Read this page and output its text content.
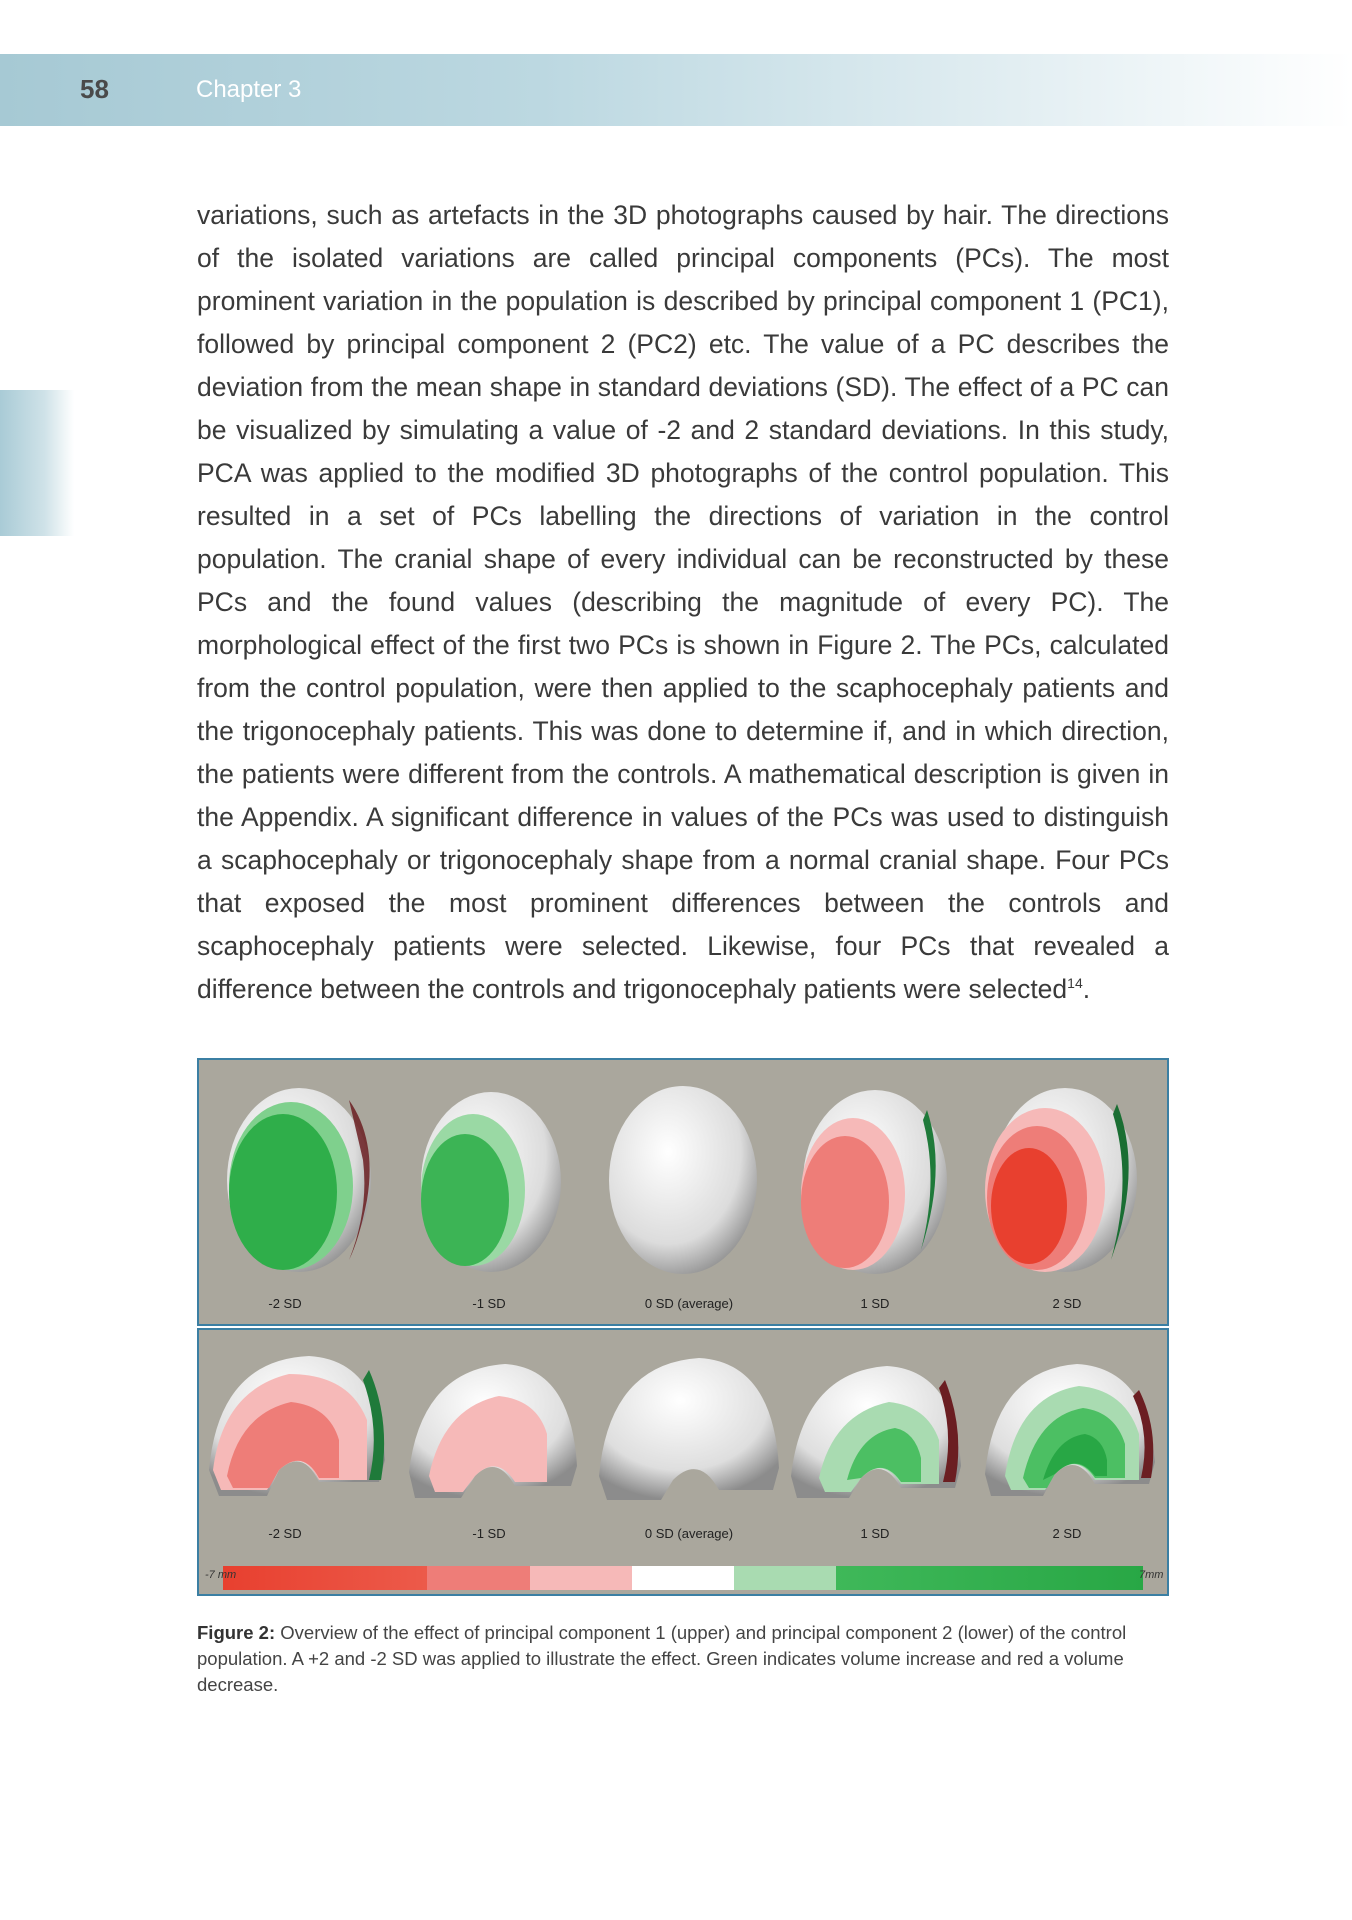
58	Chapter 3

variations, such as artefacts in the 3D photographs caused by hair. The directions of the isolated variations are called principal components (PCs). The most prominent variation in the population is described by principal component 1 (PC1), followed by principal component 2 (PC2) etc. The value of a PC describes the deviation from the mean shape in standard deviations (SD). The effect of a PC can be visualized by simulating a value of -2 and 2 standard deviations. In this study, PCA was applied to the modified 3D photographs of the control population. This resulted in a set of PCs labelling the directions of variation in the control population. The cranial shape of every individual can be reconstructed by these PCs and the found values (describing the magnitude of every PC). The morphological effect of the first two PCs is shown in Figure 2. The PCs, calculated from the control population, were then applied to the scaphocephaly patients and the trigonocephaly patients. This was done to determine if, and in which direction, the patients were different from the controls. A mathematical description is given in the Appendix. A significant difference in values of the PCs was used to distinguish a scaphocephaly or trigonocephaly shape from a normal cranial shape. Four PCs that exposed the most prominent differences between the controls and scaphocephaly patients were selected. Likewise, four PCs that revealed a difference between the controls and trigonocephaly patients were selected$^{14}$.

-2 SD	-1 SD	0 SD (average)	1 SD	2 SD
-2 SD	-1 SD	0 SD (average)	1 SD	2 SD
-7 mm	7mm

Figure 2: Overview of the effect of principal component 1 (upper) and principal component 2 (lower) of the control population. A +2 and -2 SD was applied to illustrate the effect. Green indicates volume increase and red a volume decrease.
